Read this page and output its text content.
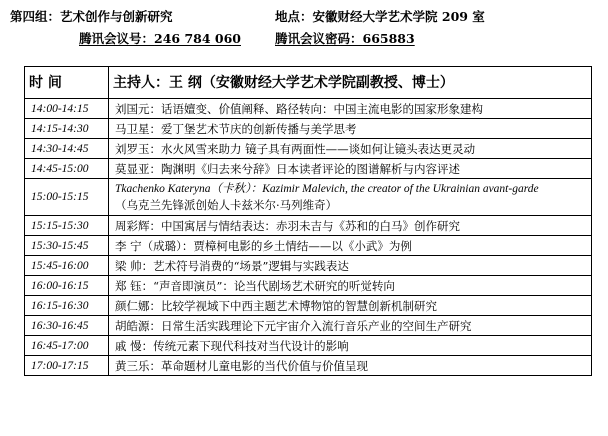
第四组：艺术创作与创新研究	地点：安徽财经大学艺术学院 209 室
腾讯会议号：246 784 060	腾讯会议密码：665883
时 间	主持人：王 纲（安徽财经大学艺术学院副教授、博士）
14:00-14:15	刘国元：话语嬗变、价值阐释、路径转向：中国主流电影的国家形象建构
14:15-14:30	马卫星：爱丁堡艺术节庆的创新传播与美学思考
14:30-14:45	刘罗玉：水火风雪来助力 镜子具有两面性——谈如何让镜头表达更灵动
14:45-15:00	莫显亚：陶渊明《归去来兮辞》日本读者评论的图谱解析与内容评述
15:00-15:15	Tkachenko Kateryna（卡秋）：Kazimir Malevich, the creator of the Ukrainian avant-garde
（乌克兰先锋派创始人卡兹米尔·马列维奇）

15:15-15:30	周彩辉：中国寓居与情结表达：赤羽未吉与《苏和的白马》创作研究
15:30-15:45	李 宁（成璐）：贾樟柯电影的乡土情结——以《小武》为例
15:45-16:00	梁 帅：艺术符号消费的“场景”逻辑与实践表达
16:00-16:15	郑 钰：“声音即演员”：论当代剧场艺术研究的听觉转向
16:15-16:30	颜仁娜：比较学视域下中西主题艺术博物馆的智慧创新机制研究
16:30-16:45	胡皓源：日常生活实践理论下元宇宙介入流行音乐产业的空间生产研究
16:45-17:00	戚 慢：传统元素下现代科技对当代设计的影响
17:00-17:15	黄三乐：革命题材儿童电影的当代价值与价值呈现
